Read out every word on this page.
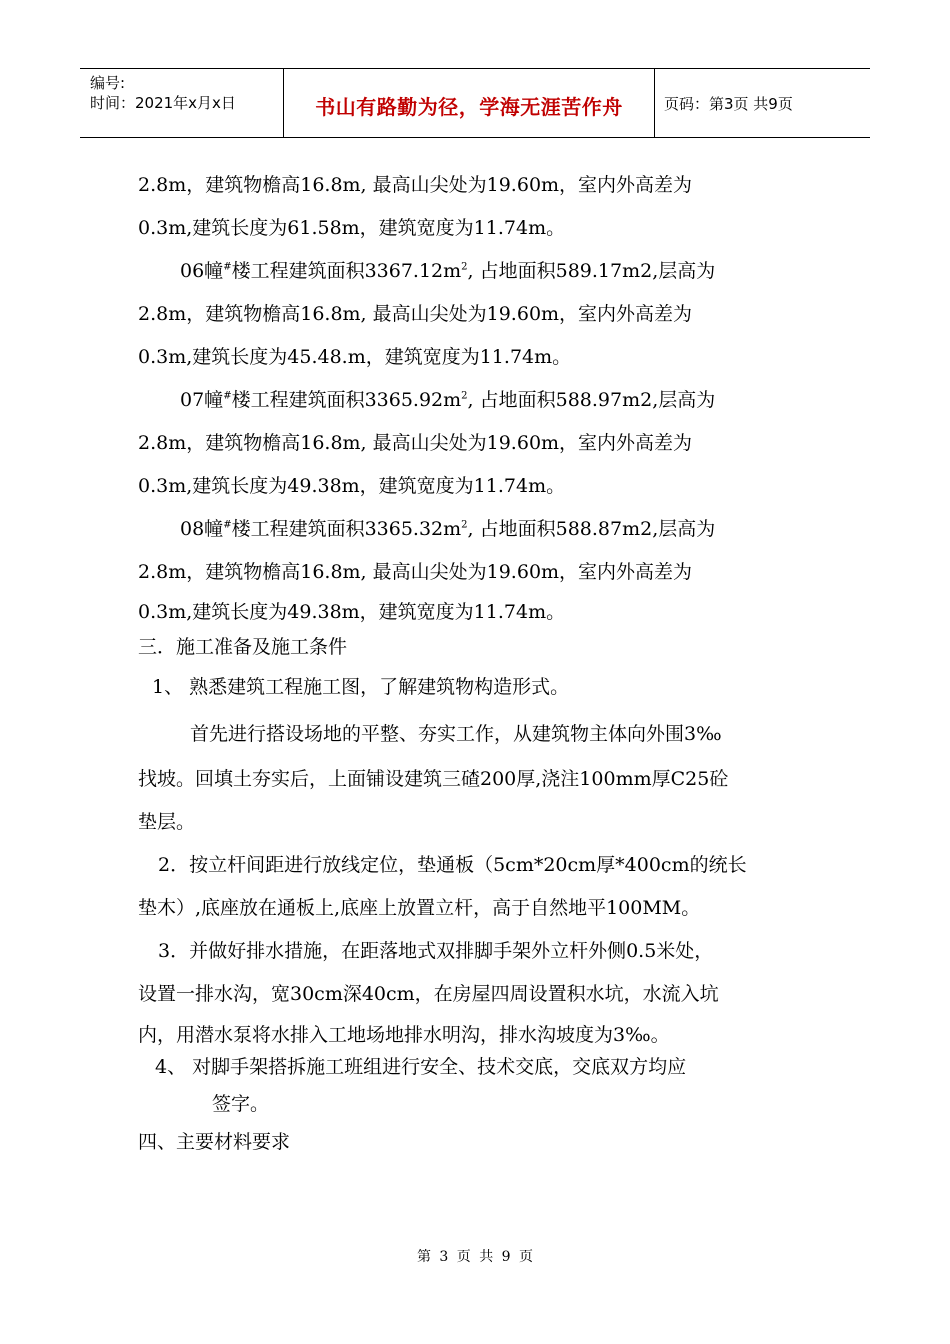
编号:
时间：2021年x月x日	书山有路勤为径，学海无涯苦作舟	页码：第3页 共9页
2.8m，建筑物檐高16.8m, 最高山尖处为19.60m，室内外高差为
0.3m,建筑长度为61.58m，建筑宽度为11.74m。
06幢#楼工程建筑面积$3367.12m^2$, 占地面积589.17m2,层高为
2.8m，建筑物檐高16.8m, 最高山尖处为19.60m，室内外高差为
0.3m,建筑长度为45.48.m，建筑宽度为11.74m。
07幢#楼工程建筑面积$3365.92m^2$, 占地面积588.97m2,层高为
2.8m，建筑物檐高16.8m, 最高山尖处为19.60m，室内外高差为
0.3m,建筑长度为49.38m，建筑宽度为11.74m。
08幢#楼工程建筑面积$3365.32m^2$, 占地面积588.87m2,层高为
2.8m，建筑物檐高16.8m, 最高山尖处为19.60m，室内外高差为
0.3m,建筑长度为49.38m，建筑宽度为11.74m。
三．施工准备及施工条件
1、 熟悉建筑工程施工图，了解建筑物构造形式。
首先进行搭设场地的平整、夯实工作，从建筑物主体向外围3‰
找坡。回填土夯实后，上面铺设建筑三碴200厚,浇注100mm厚C25砼
垫层。
2．按立杆间距进行放线定位，垫通板（5cm*20cm厚*400cm的统长
垫木）,底座放在通板上,底座上放置立杆，高于自然地平100MM。
3．并做好排水措施，在距落地式双排脚手架外立杆外侧0.5米处，
设置一排水沟，宽30cm深40cm，在房屋四周设置积水坑，水流入坑
内，用潜水泵将水排入工地场地排水明沟，排水沟坡度为3‰。
4、 对脚手架搭拆施工班组进行安全、技术交底，交底双方均应
签字。
四、主要材料要求
第 3 页 共 9 页
